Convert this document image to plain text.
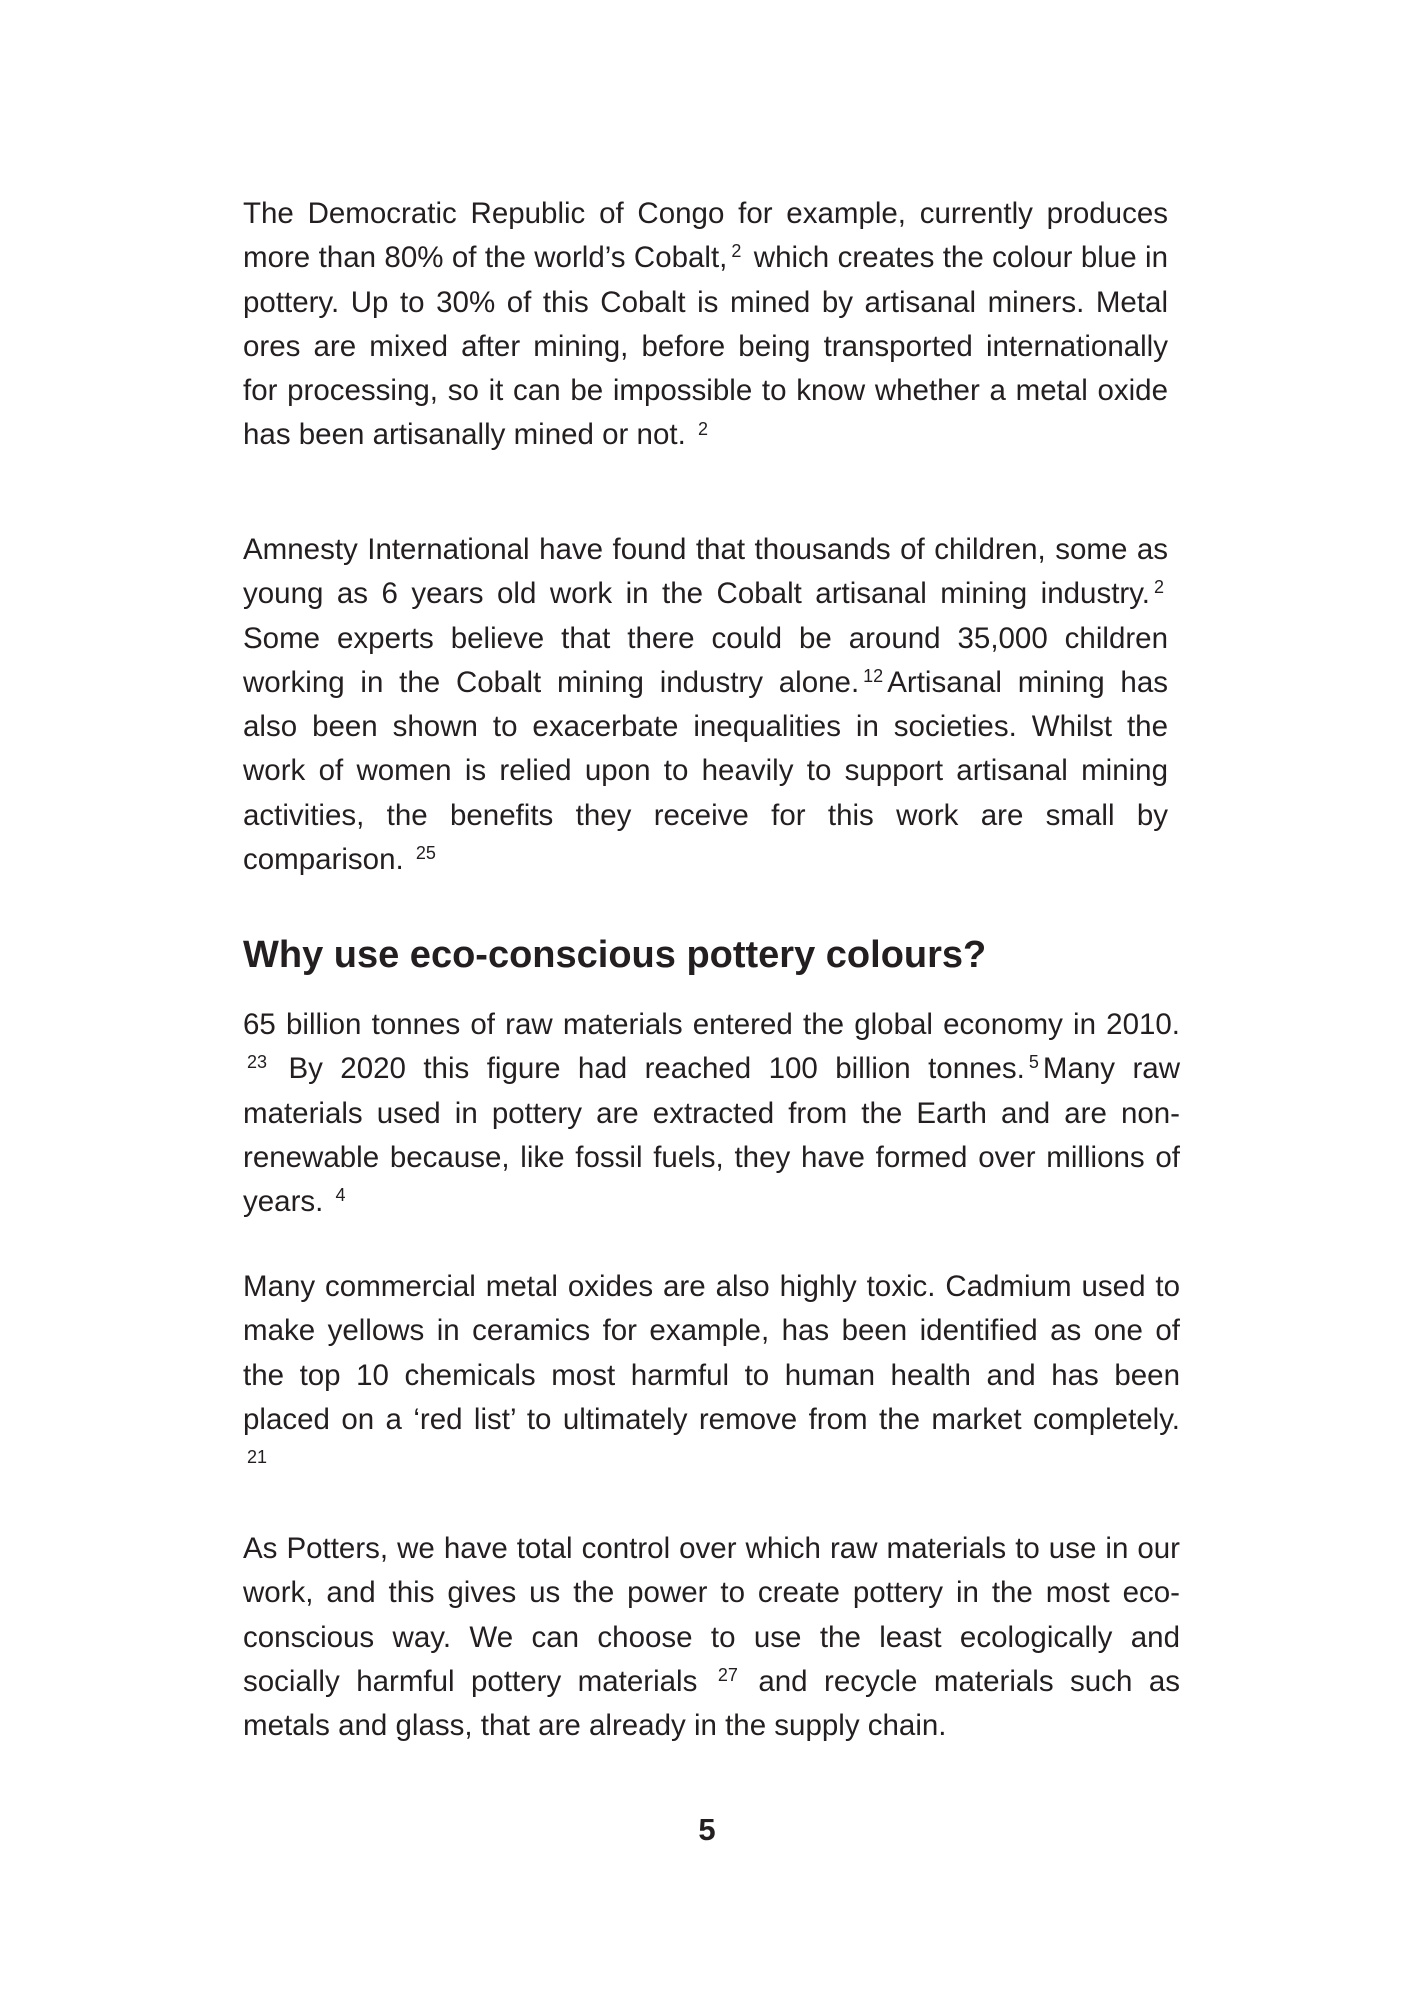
The Democratic Republic of Congo for example, currently produces more than 80% of the world’s Cobalt, $^2$ which creates the colour blue in pottery. Up to 30% of this Cobalt is mined by artisanal miners. Metal ores are mixed after mining, before being transported internationally for processing, so it can be impossible to know whether a metal oxide has been artisanally mined or not. $^2$

Amnesty International have found that thousands of children, some as young as 6 years old work in the Cobalt artisanal mining industry. $^2$ Some experts believe that there could be around 35,000 children working in the Cobalt mining industry alone. $^{12}$ Artisanal mining has also been shown to exacerbate inequalities in societies. Whilst the work of women is relied upon to heavily to support artisanal mining activities, the benefits they receive for this work are small by comparison. $^{25}$

Why use eco-conscious pottery colours?

65 billion tonnes of raw materials entered the global economy in 2010. $^{23}$ By 2020 this figure had reached 100 billion tonnes. $^5$ Many raw materials used in pottery are extracted from the Earth and are non-renewable because, like fossil fuels, they have formed over millions of years. $^4$

Many commercial metal oxides are also highly toxic. Cadmium used to make yellows in ceramics for example, has been identified as one of the top 10 chemicals most harmful to human health and has been placed on a ‘red list’ to ultimately remove from the market completely. $^{21}$

As Potters, we have total control over which raw materials to use in our work, and this gives us the power to create pottery in the most eco-conscious way. We can choose to use the least ecologically and socially harmful pottery materials $^{27}$ and recycle materials such as metals and glass, that are already in the supply chain.

5
